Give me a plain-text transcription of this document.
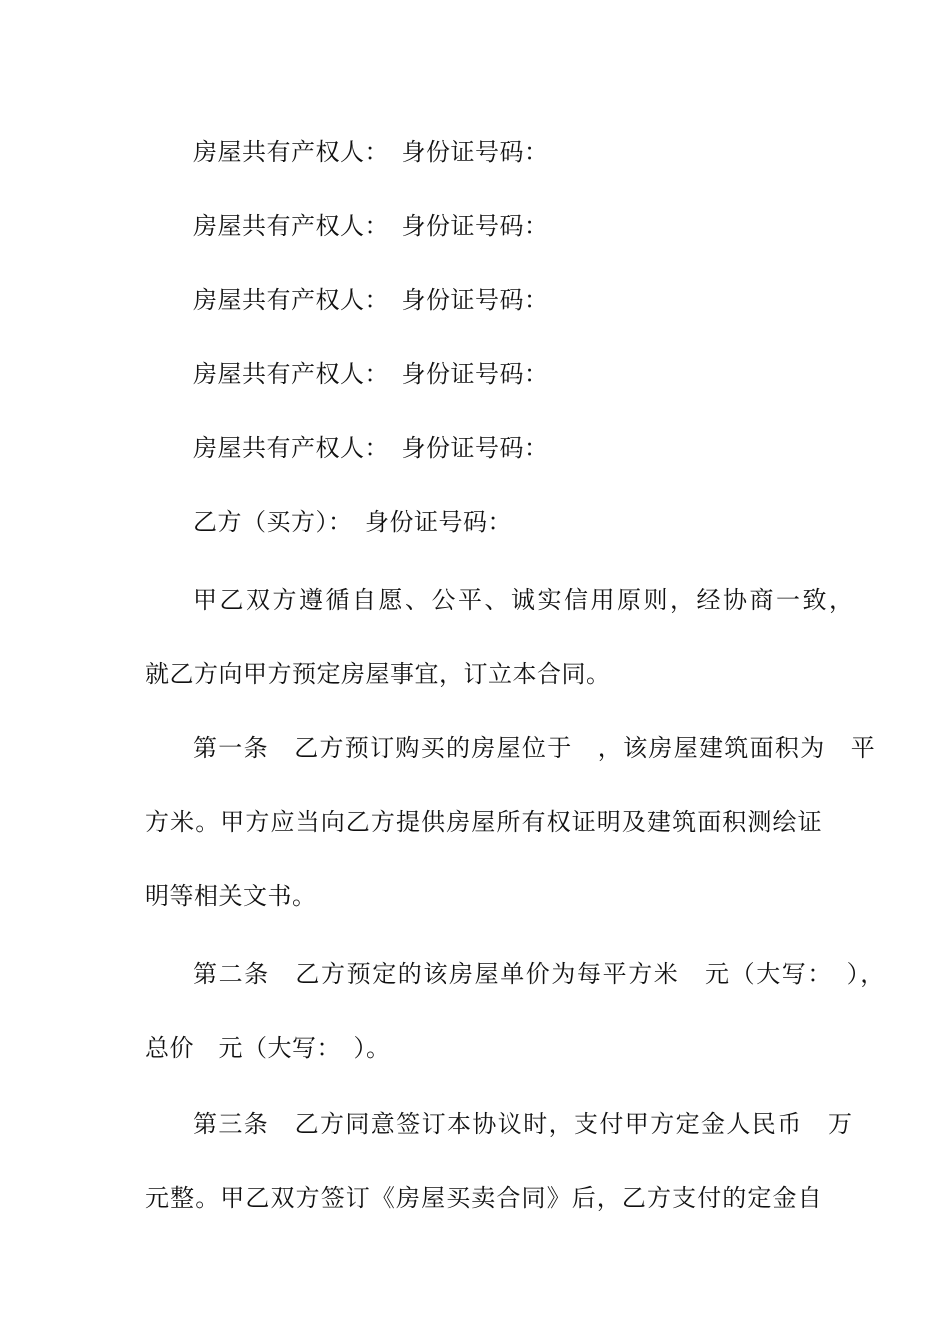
房屋共有产权人：　身份证号码：
房屋共有产权人：　身份证号码：
房屋共有产权人：　身份证号码：
房屋共有产权人：　身份证号码：
房屋共有产权人：　身份证号码：
乙方（买方）：　身份证号码：
甲乙双方遵循自愿、公平、诚实信用原则，经协商一致，
就乙方向甲方预定房屋事宜，订立本合同。
第一条　乙方预订购买的房屋位于　，该房屋建筑面积为　平
方米。甲方应当向乙方提供房屋所有权证明及建筑面积测绘证
明等相关文书。
第二条　乙方预定的该房屋单价为每平方米　元（大写：　），
总价　元（大写：　）。
第三条　乙方同意签订本协议时，支付甲方定金人民币　万
元整。甲乙双方签订《房屋买卖合同》后，乙方支付的定金自
